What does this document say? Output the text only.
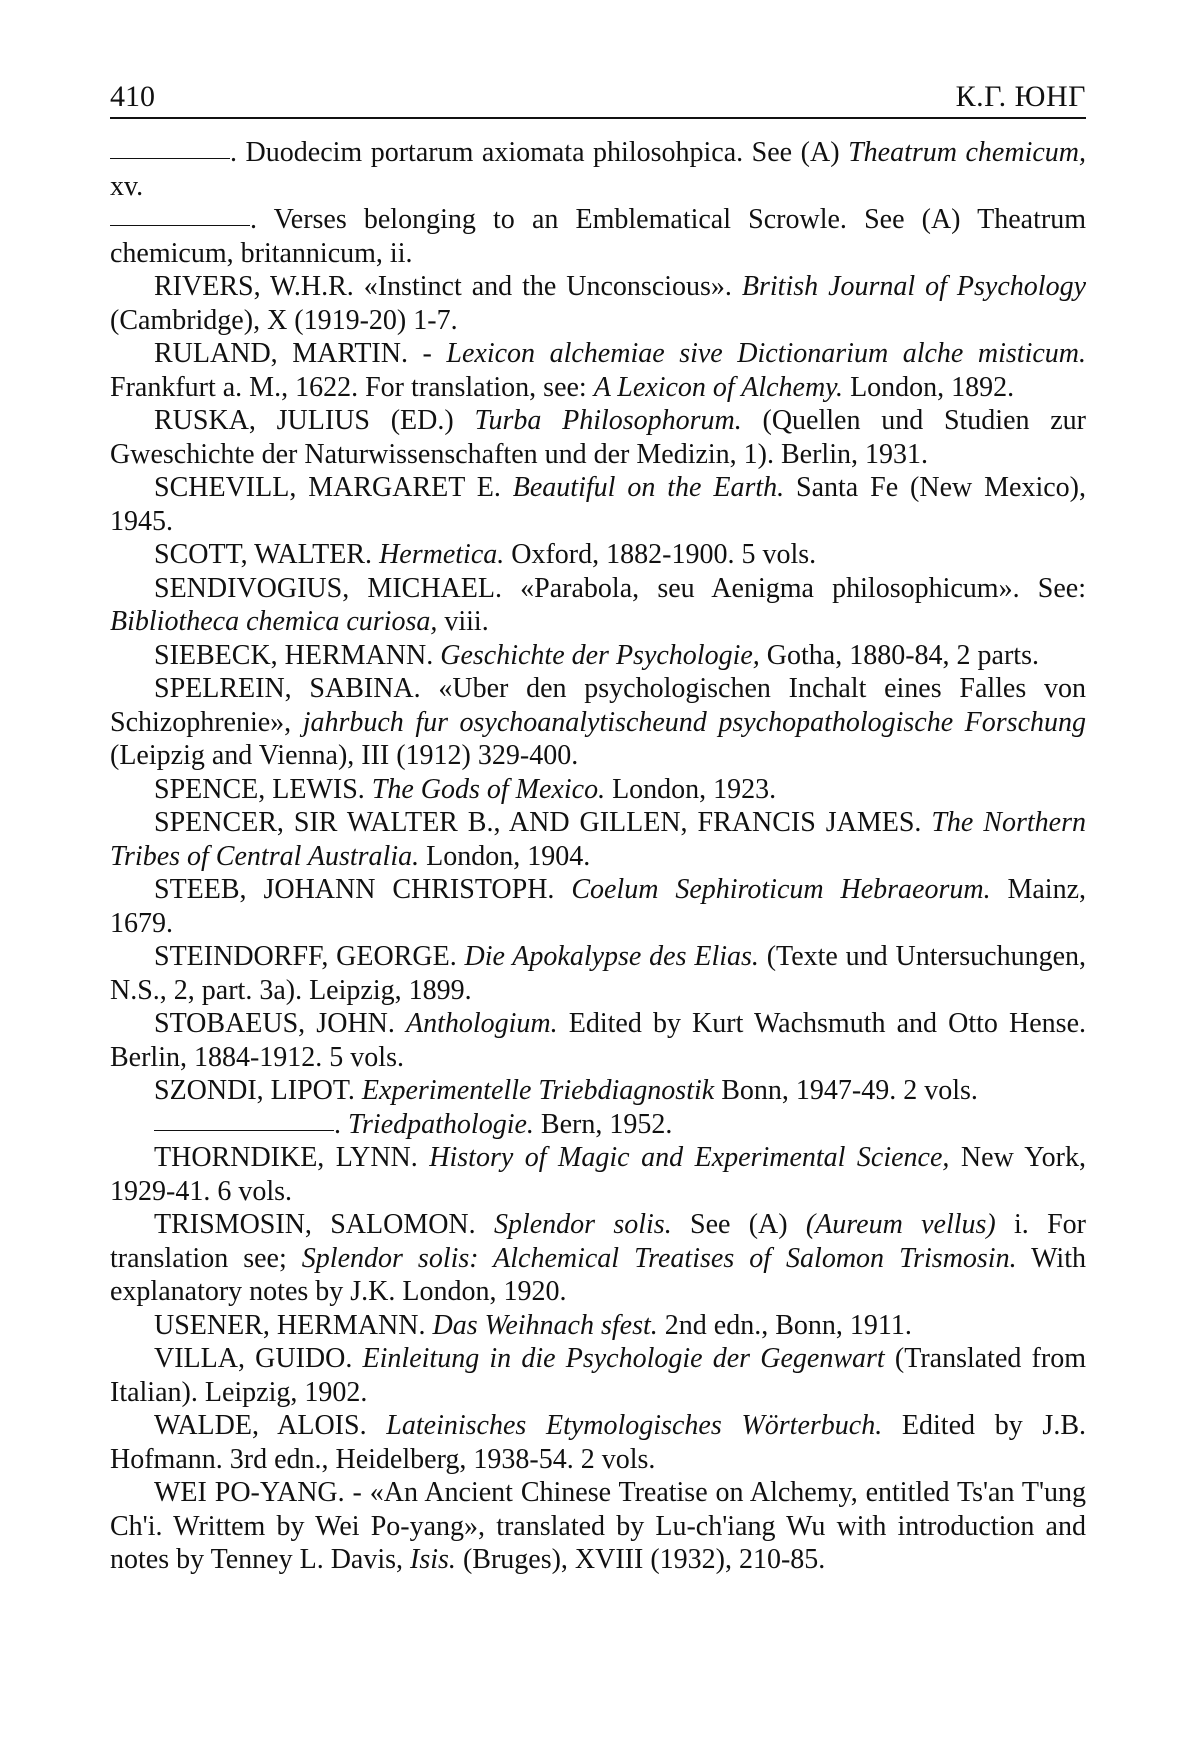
410	К.Г. ЮНГ

. Duodecim portarum axiomata philosohpica. See (A) Theatrum chemicum, xv.

. Verses belonging to an Emblematical Scrowle. See (A) Theatrum chemicum, britannicum, ii.

RIVERS, W.H.R. «Instinct and the Unconscious». British Journal of Psychology (Cambridge), X (1919-20) 1-7.

RULAND, MARTIN. - Lexicon alchemiae sive Dictionarium alche misticum. Frankfurt a. M., 1622. For translation, see: A Lexicon of Alchemy. London, 1892.

RUSKA, JULIUS (ED.) Turba Philosophorum. (Quellen und Studien zur Gweschichte der Naturwissenschaften und der Medizin, 1). Berlin, 1931.

SCHEVILL, MARGARET E. Beautiful on the Earth. Santa Fe (New Mexico), 1945.

SCOTT, WALTER. Hermetica. Oxford, 1882-1900. 5 vols.

SENDIVOGIUS, MICHAEL. «Parabola, seu Aenigma philosophicum». See: Bibliotheca chemica curiosa, viii.

SIEBECK, HERMANN. Geschichte der Psychologie, Gotha, 1880-84, 2 parts.

SPELREIN, SABINA. «Uber den psychologischen Inchalt eines Falles von Schizophrenie», jahrbuch fur osychoanalytischeund psychopathologische Forschung (Leipzig and Vienna), III (1912) 329-400.

SPENCE, LEWIS. The Gods of Mexico. London, 1923.

SPENCER, SIR WALTER B., AND GILLEN, FRANCIS JAMES. The Northern Tribes of Central Australia. London, 1904.

STEEB, JOHANN CHRISTOPH. Coelum Sephiroticum Hebraeorum. Mainz, 1679.

STEINDORFF, GEORGE. Die Apokalypse des Elias. (Texte und Untersuchungen, N.S., 2, part. 3a). Leipzig, 1899.

STOBAEUS, JOHN. Anthologium. Edited by Kurt Wachsmuth and Otto Hense. Berlin, 1884-1912. 5 vols.

SZONDI, LIPOT. Experimentelle Triebdiagnostik Bonn, 1947-49. 2 vols.

. Triedpathologie. Bern, 1952.

THORNDIKE, LYNN. History of Magic and Experimental Science, New York, 1929-41. 6 vols.

TRISMOSIN, SALOMON. Splendor solis. See (A) (Aureum vellus) i. For translation see; Splendor solis: Alchemical Treatises of Salomon Trismosin. With explanatory notes by J.K. London, 1920.

USENER, HERMANN. Das Weihnach sfest. 2nd edn., Bonn, 1911.

VILLA, GUIDO. Einleitung in die Psychologie der Gegenwart (Translated from Italian). Leipzig, 1902.

WALDE, ALOIS. Lateinisches Etymologisches Wörterbuch. Edited by J.B. Hofmann. 3rd edn., Heidelberg, 1938-54. 2 vols.

WEI PO-YANG. - «An Ancient Chinese Treatise on Alchemy, entitled Ts'an T'ung Ch'i. Writtem by Wei Po-yang», translated by Lu-ch'iang Wu with introduction and notes by Tenney L. Davis, Isis. (Bruges), XVIII (1932), 210-85.
